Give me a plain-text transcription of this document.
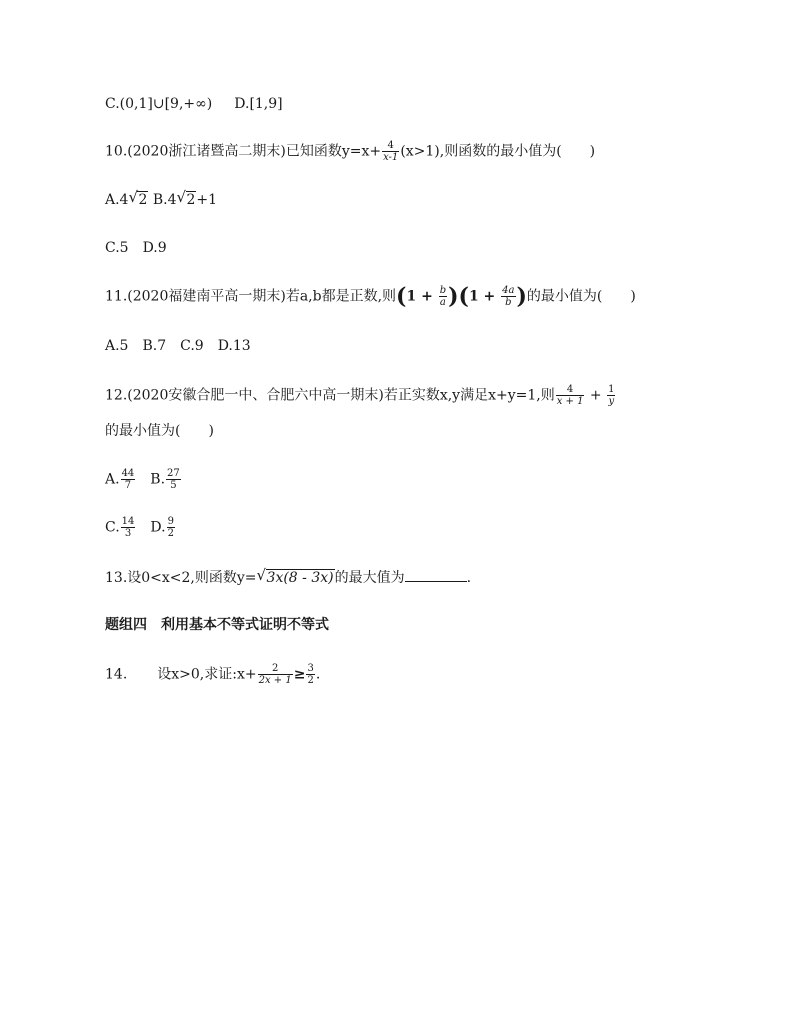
C.(0,1]∪[9,+∞) D.[1,9]
10.(2020浙江诸暨高二期末)已知函数$y=x+ \frac{4}{x-1} (x>1)$,则函数的最小值为(　　)
A.4 √ 2 B.4 √ 2+1
C.5 D.9
11.(2020福建南平高一期末)若a,b都是正数,则$(1 + \frac{b}{a} )(1 + \frac{4a}{b}$ )的最小值为(　　)
A.5 B.7 C.9 D.13
12.(2020安徽合肥一中、合肥六中高一期末)若正实数x,y满足x+y=1,则 $\frac{4}{x + 1} + \frac{1}{y}$
的最小值为(　　)
A. $\frac{44}{7} B$. $\frac{27}{5}$
C. $\frac{14}{3} D$. $\frac{9}{2}$
13.设0<x<2,则函数y= √ 3x(8 - 3x)的最大值为	.
题组四　利用基本不等式证明不等式
14. 设x>0,求证:x+ $\frac{2}{2x + 1} \ge \frac{3}{2}$ .
